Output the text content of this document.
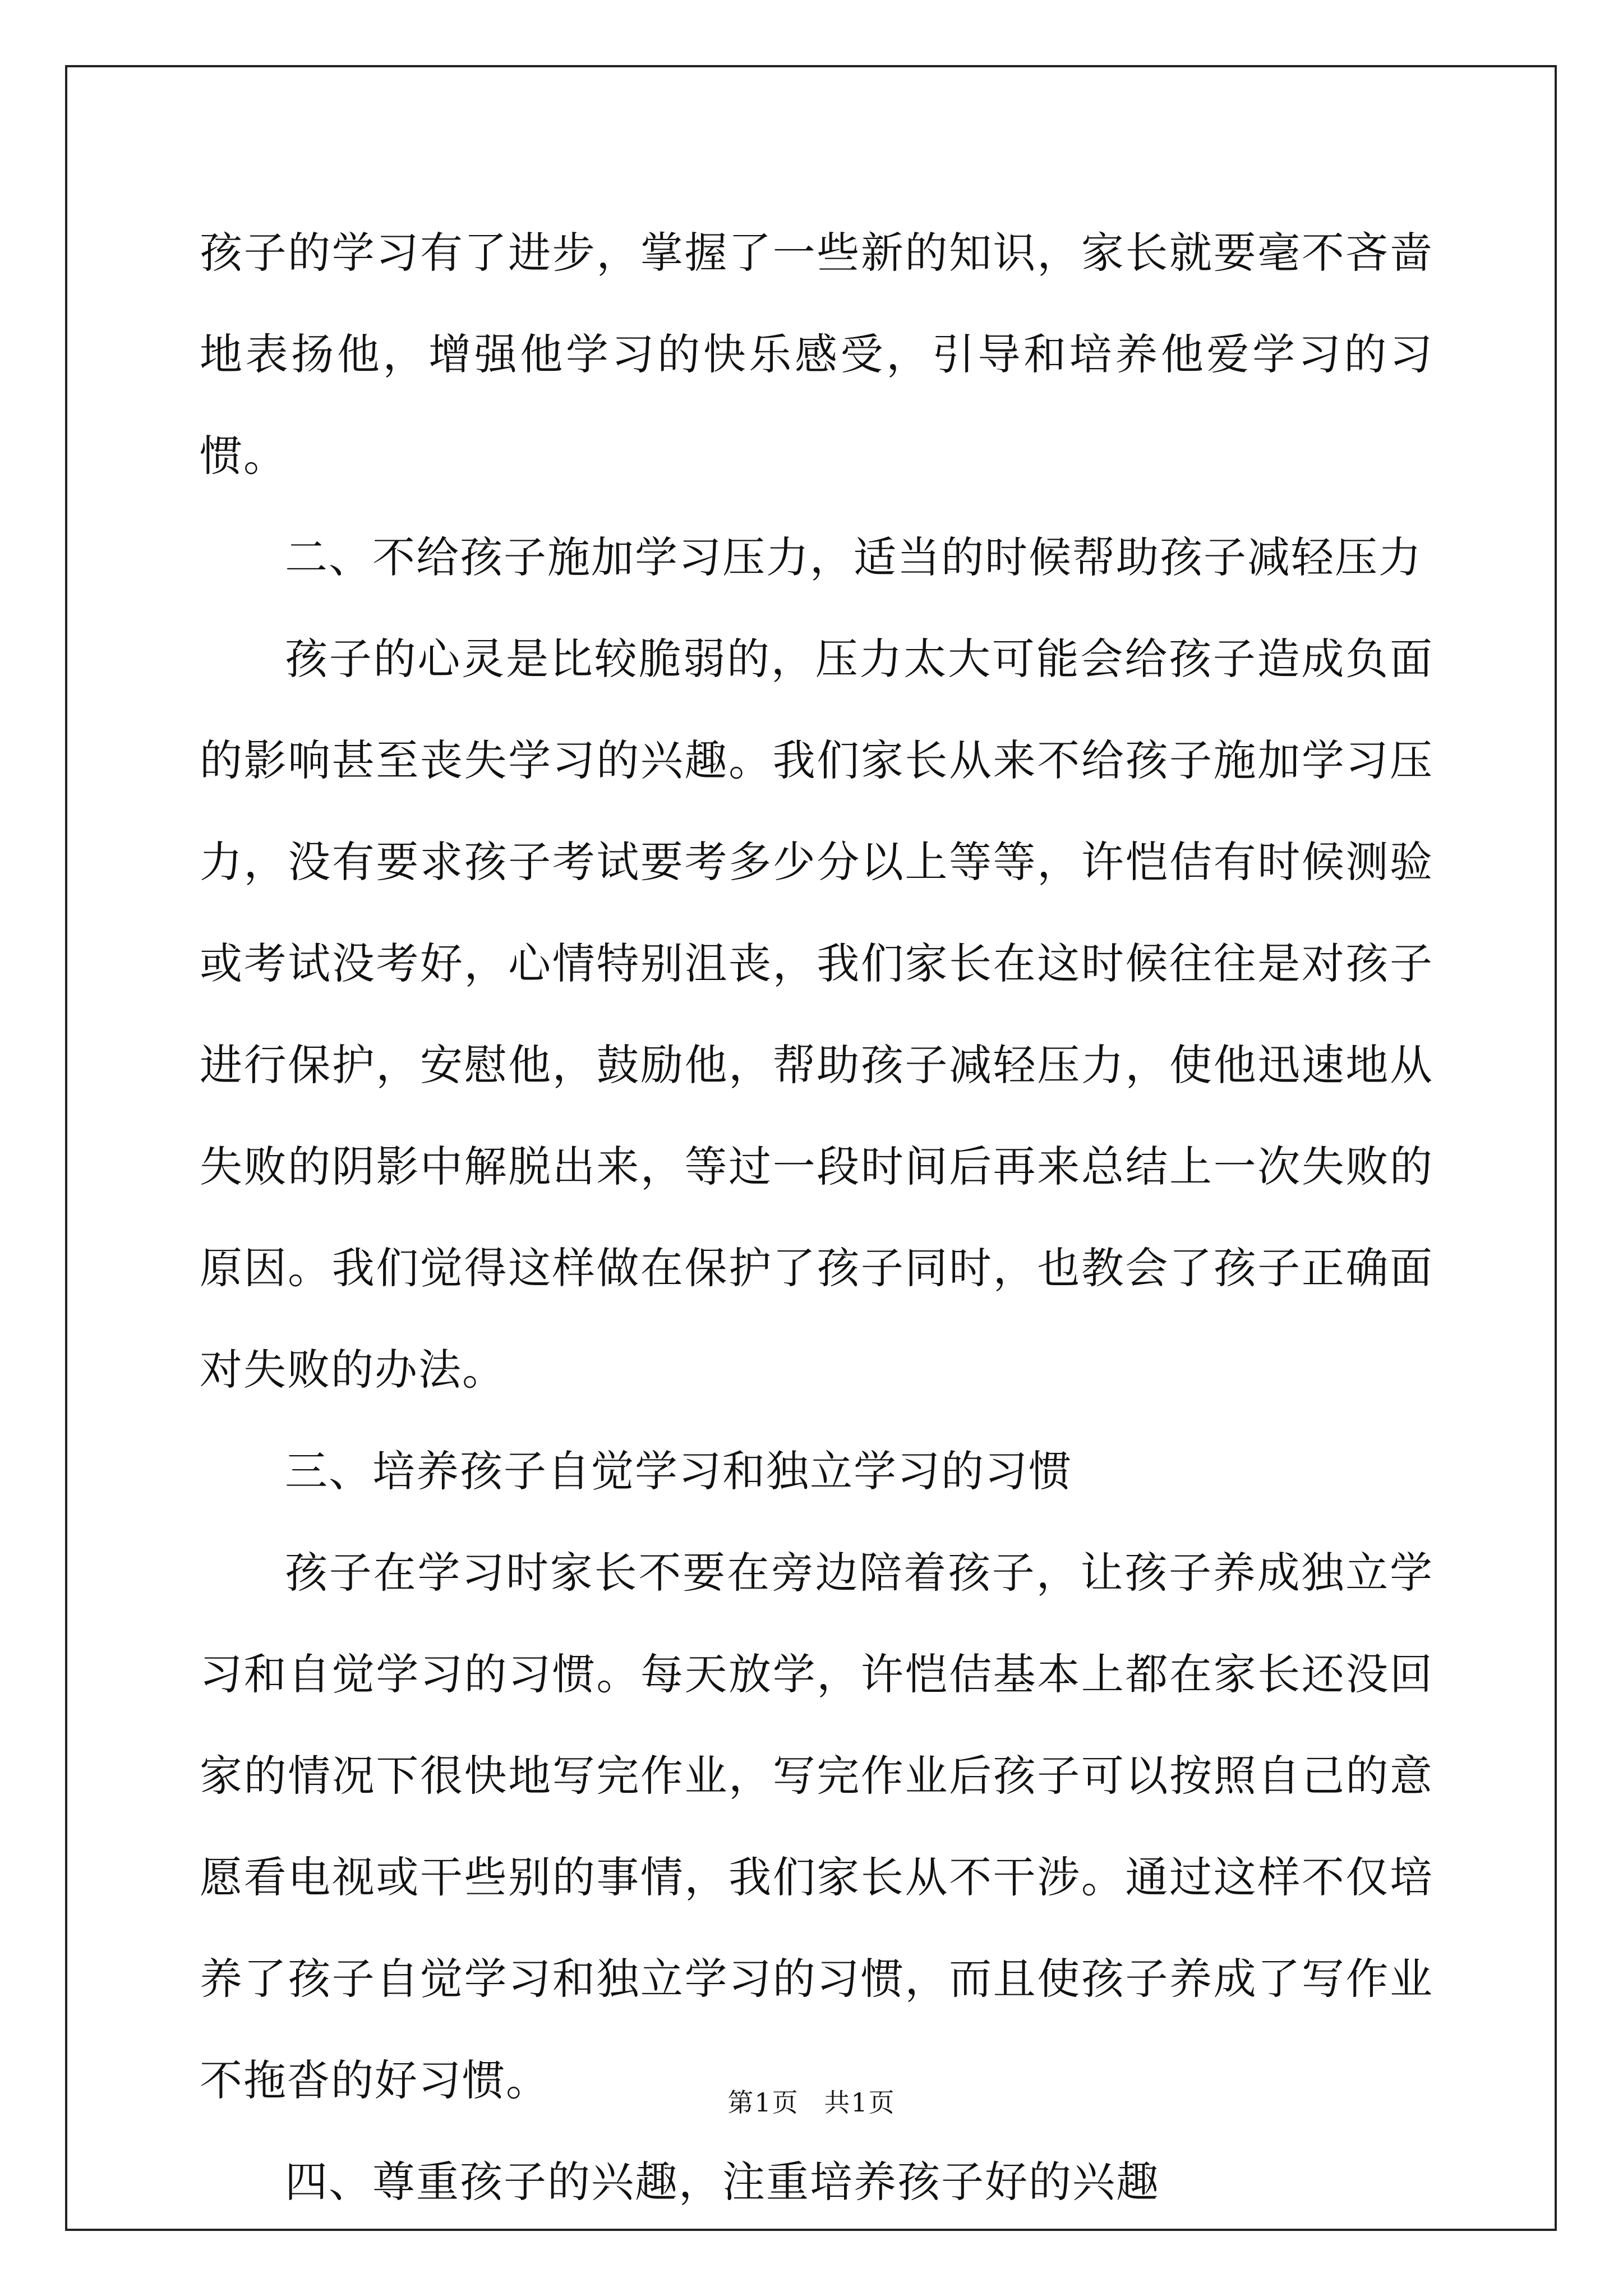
孩子的学习有了进步，掌握了一些新的知识，家长就要毫不吝啬地表扬他，增强他学习的快乐感受，引导和培养他爱学习的习惯。

二、不给孩子施加学习压力，适当的时候帮助孩子减轻压力

孩子的心灵是比较脆弱的，压力太大可能会给孩子造成负面的影响甚至丧失学习的兴趣。我们家长从来不给孩子施加学习压力，没有要求孩子考试要考多少分以上等等，许恺佶有时候测验或考试没考好，心情特别沮丧，我们家长在这时候往往是对孩子进行保护，安慰他，鼓励他，帮助孩子减轻压力，使他迅速地从失败的阴影中解脱出来，等过一段时间后再来总结上一次失败的原因。我们觉得这样做在保护了孩子同时，也教会了孩子正确面对失败的办法。

三、培养孩子自觉学习和独立学习的习惯

孩子在学习时家长不要在旁边陪着孩子，让孩子养成独立学习和自觉学习的习惯。每天放学，许恺佶基本上都在家长还没回家的情况下很快地写完作业，写完作业后孩子可以按照自己的意愿看电视或干些别的事情，我们家长从不干涉。通过这样不仅培养了孩子自觉学习和独立学习的习惯，而且使孩子养成了写作业不拖沓的好习惯。

四、尊重孩子的兴趣，注重培养孩子好的兴趣

第1页 共1页
